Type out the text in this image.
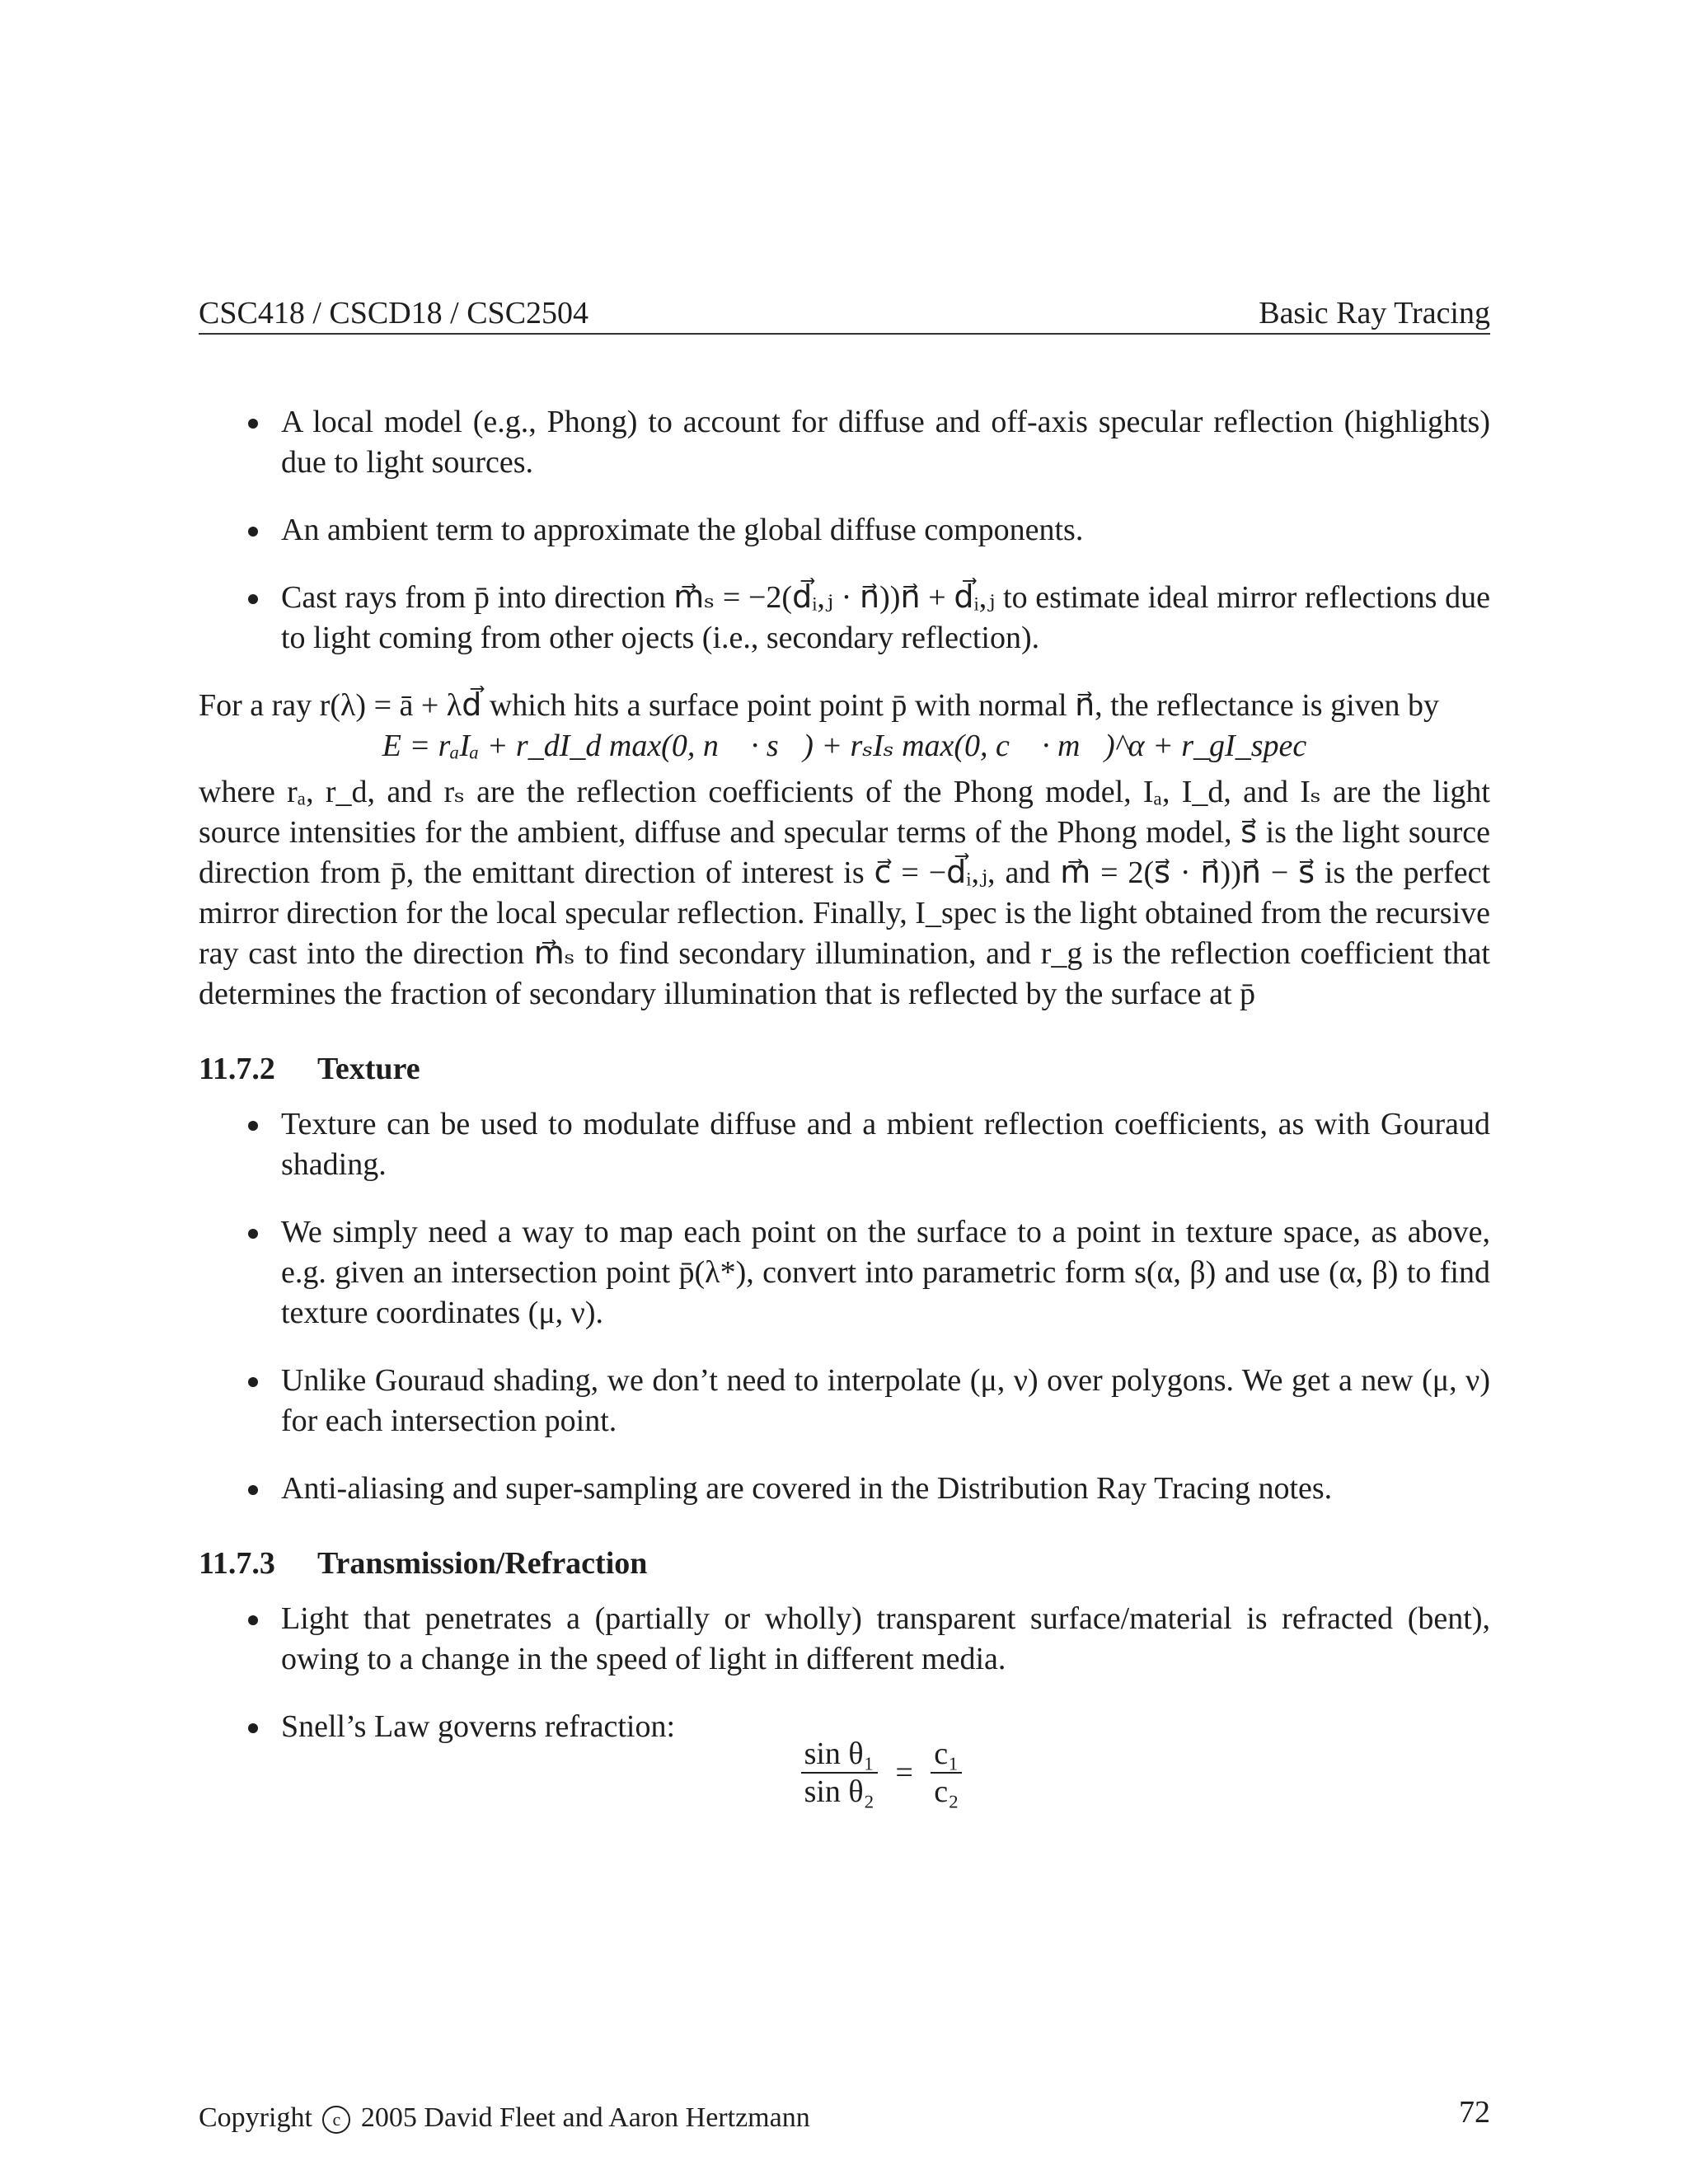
CSC418 / CSCD18 / CSC2504	Basic Ray Tracing
A local model (e.g., Phong) to account for diffuse and off-axis specular reflection (highlights) due to light sources.
An ambient term to approximate the global diffuse components.
Cast rays from p̄ into direction m⃗ₛ = −2(d⃗ᵢ,ⱼ · n⃗))n⃗ + d⃗ᵢ,ⱼ to estimate ideal mirror reflections due to light coming from other ojects (i.e., secondary reflection).

For a ray r(λ) = ā + λd⃗ which hits a surface point point p̄ with normal n⃗, the reflectance is given by

E = rₐIₐ + r_dI_d max(0, n⃗ · s⃗) + rₛIₛ max(0, c⃗ · m⃗)^α + r_gI_spec

where rₐ, r_d, and rₛ are the reflection coefficients of the Phong model, Iₐ, I_d, and Iₛ are the light source intensities for the ambient, diffuse and specular terms of the Phong model, s⃗ is the light source direction from p̄, the emittant direction of interest is c⃗ = −d⃗ᵢ,ⱼ, and m⃗ = 2(s⃗ · n⃗))n⃗ − s⃗ is the perfect mirror direction for the local specular reflection. Finally, I_spec is the light obtained from the recursive ray cast into the direction m⃗ₛ to find secondary illumination, and r_g is the reflection coefficient that determines the fraction of secondary illumination that is reflected by the surface at p̄

11.7.2 Texture
Texture can be used to modulate diffuse and a mbient reflection coefficients, as with Gouraud shading.
We simply need a way to map each point on the surface to a point in texture space, as above, e.g. given an intersection point p̄(λ*), convert into parametric form s(α, β) and use (α, β) to find texture coordinates (μ, ν).
Unlike Gouraud shading, we don’t need to interpolate (μ, ν) over polygons. We get a new (μ, ν) for each intersection point.
Anti-aliasing and super-sampling are covered in the Distribution Ray Tracing notes.
11.7.3 Transmission/Refraction
Light that penetrates a (partially or wholly) transparent surface/material is refracted (bent), owing to a change in the speed of light in different media.
Snell’s Law governs refraction:
$\frac{\text{sin θ₁}}{\text{sin θ₂}} = \frac{\text{c₁}}{\text{c₂}}$
Copyright c 2005 David Fleet and Aaron Hertzmann	72
